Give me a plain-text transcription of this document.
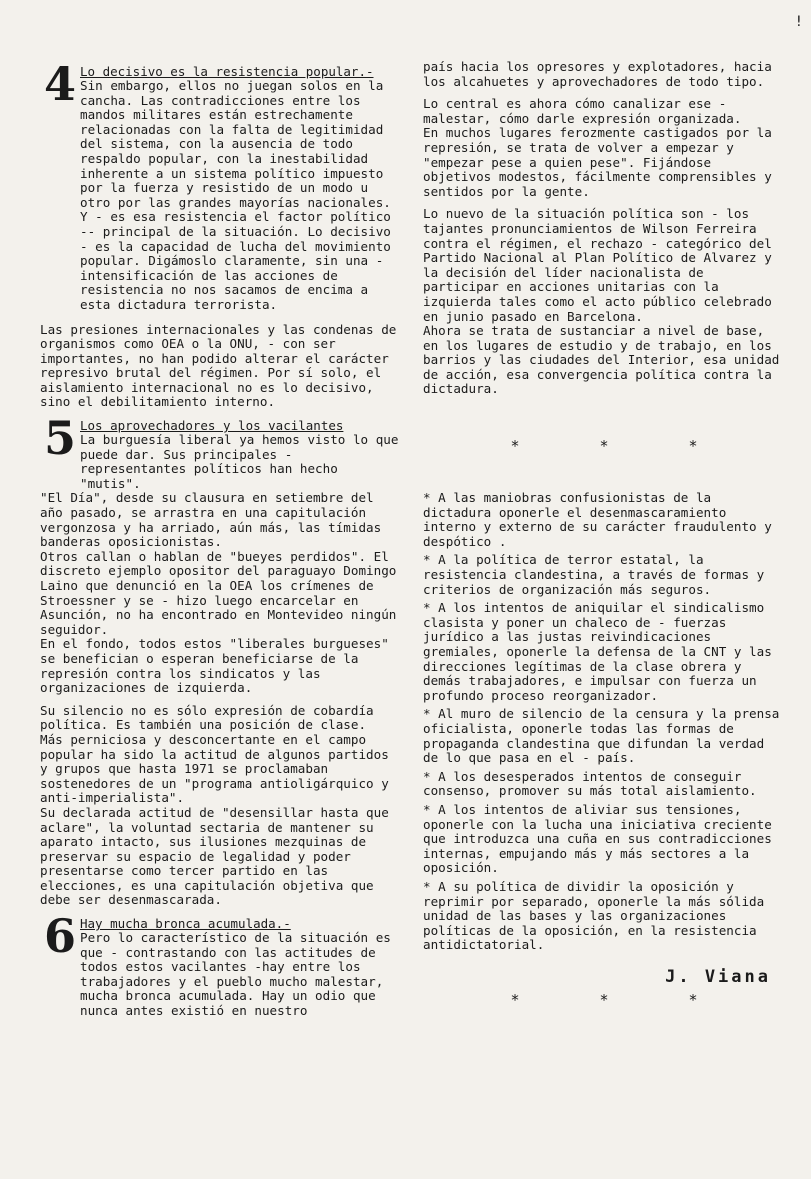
!
4 Lo decisivo es la resistencia popular.-

Sin embargo, ellos no juegan solos en la cancha. Las contradicciones entre los mandos militares están estrechamente relacionadas con la falta de legitimidad del sistema, con la ausencia de todo respaldo popular, con la inestabilidad inherente a un sistema político impuesto por la fuerza y resistido de un modo u otro por las grandes mayorías nacionales. Y - es esa resistencia el factor político -- principal de la situación. Lo decisivo - es la capacidad de lucha del movimiento popular. Digámoslo claramente, sin una - intensificación de las acciones de resistencia no nos sacamos de encima a esta dictadura terrorista.

Las presiones internacionales y las condenas de organismos como OEA o la ONU, - con ser importantes, no han podido alterar el carácter represivo brutal del régimen. Por sí solo, el aislamiento internacional no es lo decisivo, sino el debilitamiento interno.

5 Los aprovechadores y los vacilantes

La burguesía liberal ya hemos visto lo que puede dar. Sus principales - representantes políticos han hecho "mutis".

"El Día", desde su clausura en setiembre del año pasado, se arrastra en una capitulación vergonzosa y ha arriado, aún más, las tímidas banderas oposicionistas.

Otros callan o hablan de "bueyes perdidos". El discreto ejemplo opositor del paraguayo Domingo Laino que denunció en la OEA los crímenes de Stroessner y se - hizo luego encarcelar en Asunción, no ha encontrado en Montevideo ningún seguidor.

En el fondo, todos estos "liberales burgueses" se benefician o esperan beneficiarse de la represión contra los sindicatos y las organizaciones de izquierda.

Su silencio no es sólo expresión de cobardía política. Es también una posición de clase.

Más perniciosa y desconcertante en el campo popular ha sido la actitud de algunos partidos y grupos que hasta 1971 se proclamaban sostenedores de un "programa antioligárquico y anti-imperialista".

Su declarada actitud de "desensillar hasta que aclare", la voluntad sectaria de mantener su aparato intacto, sus ilusiones mezquinas de preservar su espacio de legalidad y poder presentarse como tercer partido en las elecciones, es una capitulación objetiva que debe ser desenmascarada.

6 Hay mucha bronca acumulada.-

Pero lo característico de la situación es que - contrastando con las actitudes de todos estos vacilantes -hay entre los trabajadores y el pueblo mucho malestar, mucha bronca acumulada. Hay un odio que nunca antes existió en nuestro

país hacia los opresores y explotadores, hacia los alcahuetes y aprovechadores de todo tipo.

Lo central es ahora cómo canalizar ese - malestar, cómo darle expresión organizada.

En muchos lugares ferozmente castigados por la represión, se trata de volver a empezar y "empezar pese a quien pese". Fijándose objetivos modestos, fácilmente comprensibles y sentidos por la gente.

Lo nuevo de la situación política son - los tajantes pronunciamientos de Wilson Ferreira contra el régimen, el rechazo - categórico del Partido Nacional al Plan Político de Alvarez y la decisión del líder nacionalista de participar en acciones unitarias con la izquierda tales como el acto público celebrado en junio pasado en Barcelona.

Ahora se trata de sustanciar a nivel de base, en los lugares de estudio y de trabajo, en los barrios y las ciudades del Interior, esa unidad de acción, esa convergencia política contra la dictadura.

*	*	*

* A las maniobras confusionistas de la dictadura oponerle el desenmascaramiento interno y externo de su carácter fraudulento y despótico .

* A la política de terror estatal, la resistencia clandestina, a través de formas y criterios de organización más seguros.

* A los intentos de aniquilar el sindicalismo clasista y poner un chaleco de - fuerzas jurídico a las justas reivindicaciones gremiales, oponerle la defensa de la CNT y las direcciones legítimas de la clase obrera y demás trabajadores, e impulsar con fuerza un profundo proceso reorganizador.

* Al muro de silencio de la censura y la prensa oficialista, oponerle todas las formas de propaganda clandestina que difundan la verdad de lo que pasa en el - país.

* A los desesperados intentos de conseguir consenso, promover su más total aislamiento.

* A los intentos de aliviar sus tensiones, oponerle con la lucha una iniciativa creciente que introduzca una cuña en sus contradicciones internas, empujando más y más sectores a la oposición.

* A su política de dividir la oposición y reprimir por separado, oponerle la más sólida unidad de las bases y las organizaciones políticas de la oposición, en la resistencia antidictatorial.

J. Viana
*	*	*
